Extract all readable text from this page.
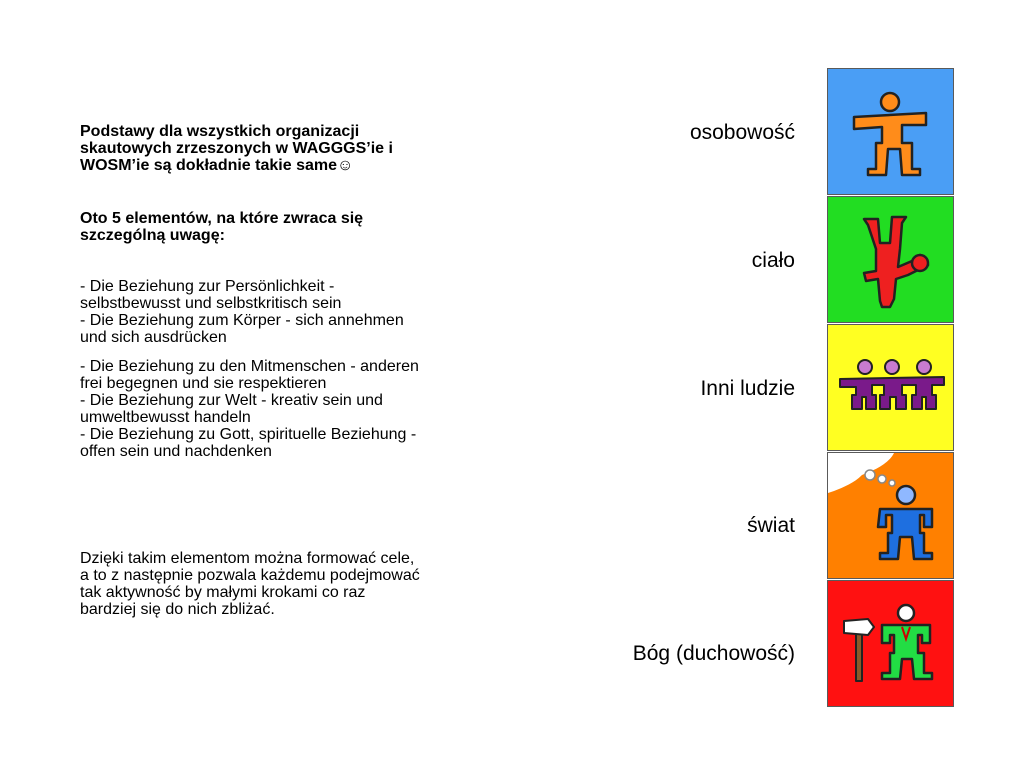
Podstawy dla wszystkich organizacji
skautowych zrzeszonych w WAGGGS’ie i
WOSM’ie są dokładnie takie same☺
Oto 5 elementów, na które zwraca się
szczególną uwagę:
- Die Beziehung zur Persönlichkeit -
selbstbewusst und selbstkritisch sein
- Die Beziehung zum Körper - sich annehmen
und sich ausdrücken
- Die Beziehung zu den Mitmenschen - anderen
frei begegnen und sie respektieren
- Die Beziehung zur Welt - kreativ sein und
umweltbewusst handeln
- Die Beziehung zu Gott, spirituelle Beziehung -
offen sein und nachdenken
Dzięki takim elementom można formować cele,
a to z następnie pozwala każdemu podejmować
tak aktywność by małymi krokami co raz
bardziej się do nich zbliżać.
osobowość
ciało
Inni ludzie
świat
Bóg (duchowość)
